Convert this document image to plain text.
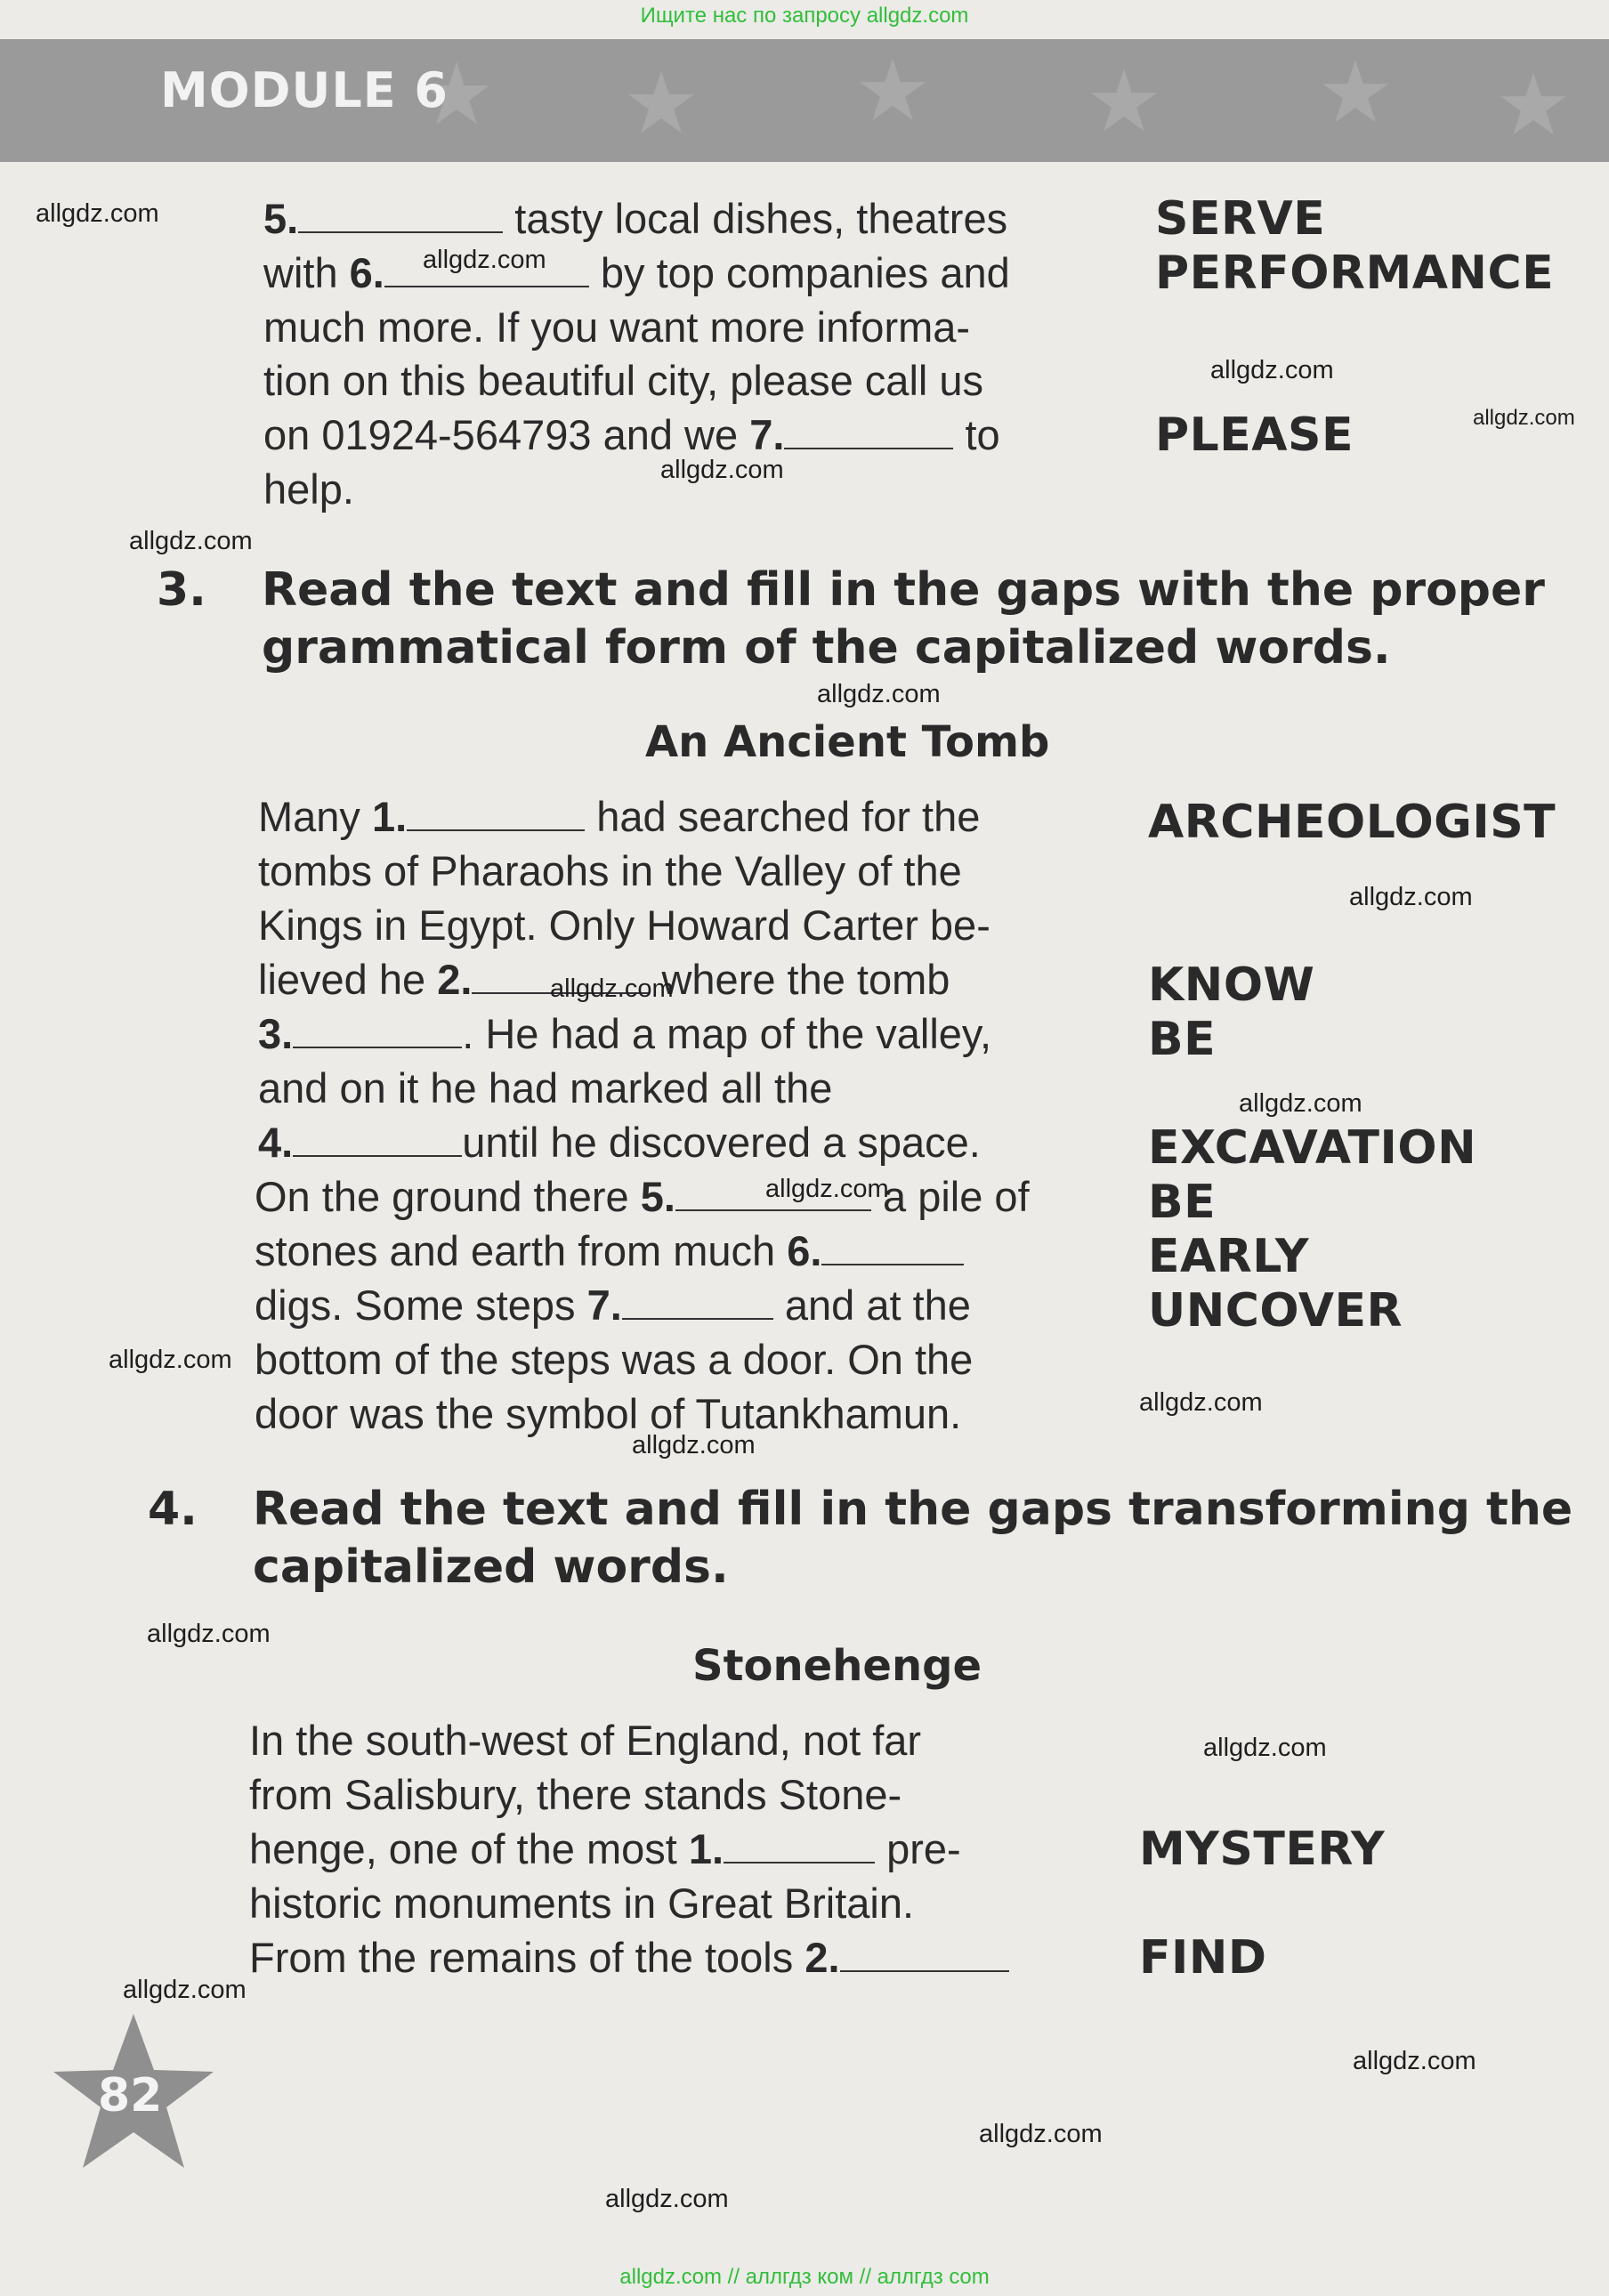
Ищите нас по запросу allgdz.com
★ ★ ★ ★ ★ ★
MODULE 6
5.	tasty local dishes, theatres
with 6.	by top companies and
much more. If you want more informa-
tion on this beautiful city, please call us
on 01924-564793 and we 7.	to
help.
SERVE
PERFORMANCE
PLEASE
3. Read the text and fill in the gaps with the proper
grammatical form of the capitalized words.
An Ancient Tomb
Many 1.	had searched for the
tombs of Pharaohs in the Valley of the
Kings in Egypt. Only Howard Carter be-
lieved he 2.	where the tomb
3.	. He had a map of the valley,
and on it he had marked all the
4.	until he discovered a space.
On the ground there 5.	a pile of
stones and earth from much 6.
digs. Some steps 7.	and at the
bottom of the steps was a door. On the
door was the symbol of Tutankhamun.
ARCHEOLOGIST
KNOW
BE
EXCAVATION
BE
EARLY
UNCOVER
4. Read the text and fill in the gaps transforming the
capitalized words.
Stonehenge
In the south-west of England, not far
from Salisbury, there stands Stone-
henge, one of the most 1.	pre-
historic monuments in Great Britain.
From the remains of the tools 2.
MYSTERY
FIND
82
allgdz.com
allgdz.com
allgdz.com
allgdz.com
allgdz.com
allgdz.com
allgdz.com
allgdz.com
allgdz.com
allgdz.com
allgdz.com
allgdz.com
allgdz.com
allgdz.com
allgdz.com
allgdz.com
allgdz.com
allgdz.com
allgdz.com
allgdz.com
allgdz.com // аллгдз ком // аллгдз com
